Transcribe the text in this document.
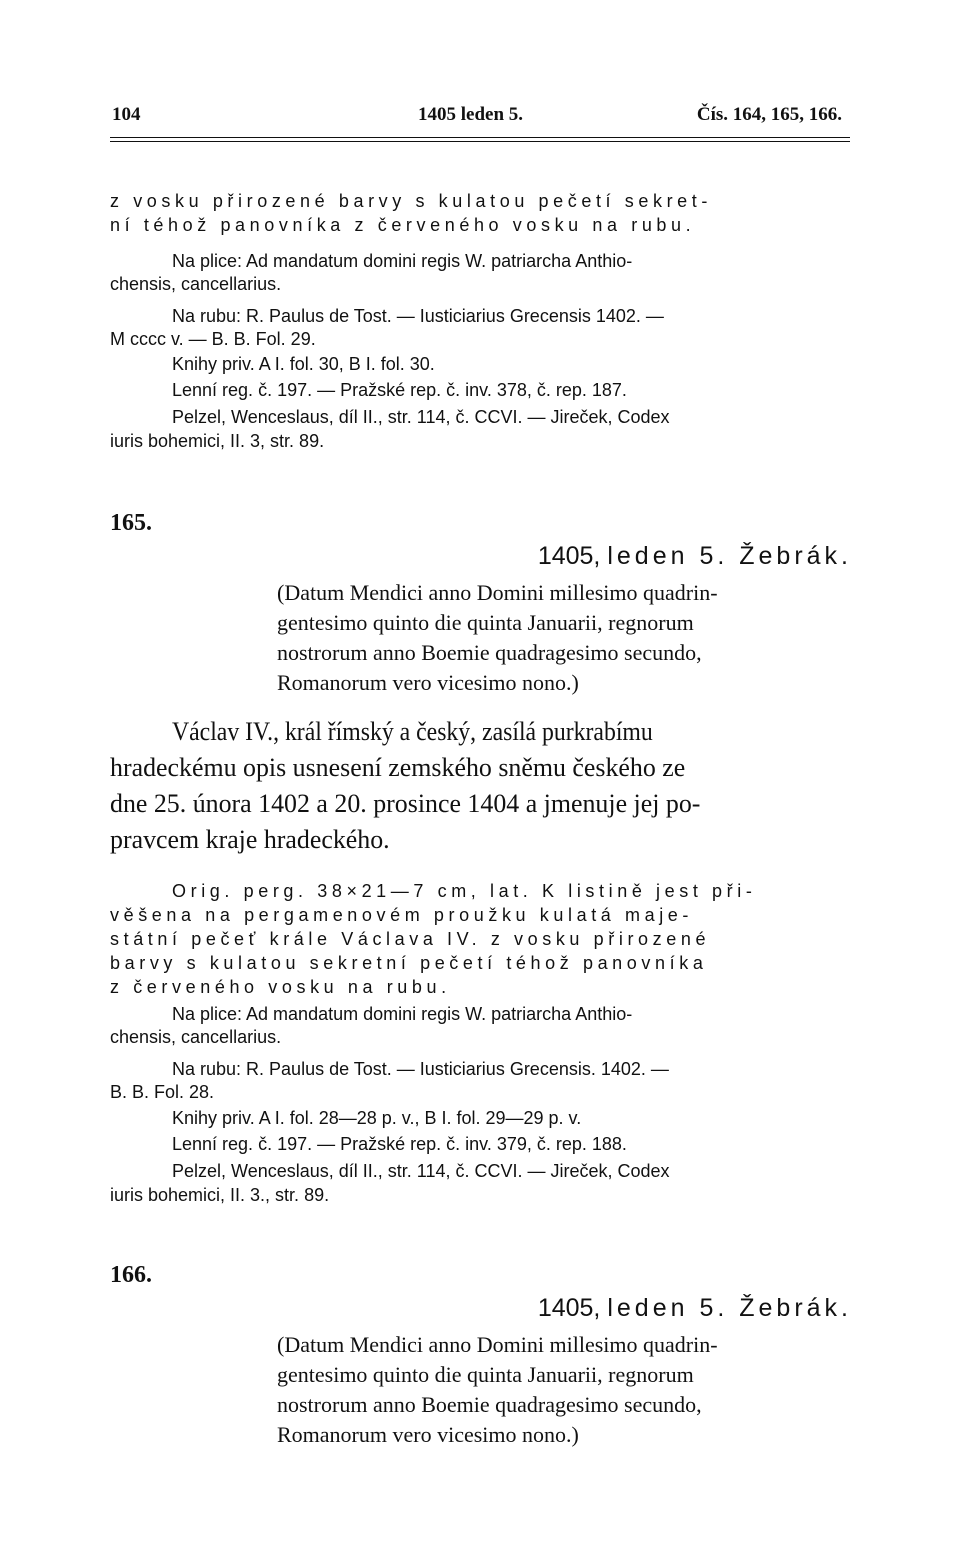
104	1405 leden 5.	Čís. 164, 165, 166.
z vosku přirozené barvy s kulatou pečetí sekret-
ní téhož panovníka z červeného vosku na rubu.
Na plice: Ad mandatum domini regis W. patriarcha Anthio-
chensis, cancellarius.
Na rubu: R. Paulus de Tost. — Iusticiarius Grecensis 1402. —
M cccc v. — B. B. Fol. 29.
Knihy priv. A I. fol. 30, B I. fol. 30.
Lenní reg. č. 197. — Pražské rep. č. inv. 378, č. rep. 187.
Pelzel, Wenceslaus, díl II., str. 114, č. CCVI. — Jireček, Codex
iuris bohemici, II. 3, str. 89.
165.
1405, leden 5. Žebrák.
(Datum Mendici anno Domini millesimo quadrin-
gentesimo quinto die quinta Januarii, regnorum
nostrorum anno Boemie quadragesimo secundo,
Romanorum vero vicesimo nono.)
Václav IV., král římský a český, zasílá purkrabímu
hradeckému opis usnesení zemského sněmu českého ze
dne 25. února 1402 a 20. prosince 1404 a jmenuje jej po-
pravcem kraje hradeckého.
Orig. perg. 38×21—7 cm, lat. K listině jest při-
věšena na pergamenovém proužku kulatá maje-
státní pečeť krále Václava IV. z vosku přirozené
barvy s kulatou sekretní pečetí téhož panovníka
z červeného vosku na rubu.
Na plice: Ad mandatum domini regis W. patriarcha Anthio-
chensis, cancellarius.
Na rubu: R. Paulus de Tost. — Iusticiarius Grecensis. 1402. —
B. B. Fol. 28.
Knihy priv. A I. fol. 28—28 p. v., B I. fol. 29—29 p. v.
Lenní reg. č. 197. — Pražské rep. č. inv. 379, č. rep. 188.
Pelzel, Wenceslaus, díl II., str. 114, č. CCVI. — Jireček, Codex
iuris bohemici, II. 3., str. 89.
166.
1405, leden 5. Žebrák.
(Datum Mendici anno Domini millesimo quadrin-
gentesimo quinto die quinta Januarii, regnorum
nostrorum anno Boemie quadragesimo secundo,
Romanorum vero vicesimo nono.)
